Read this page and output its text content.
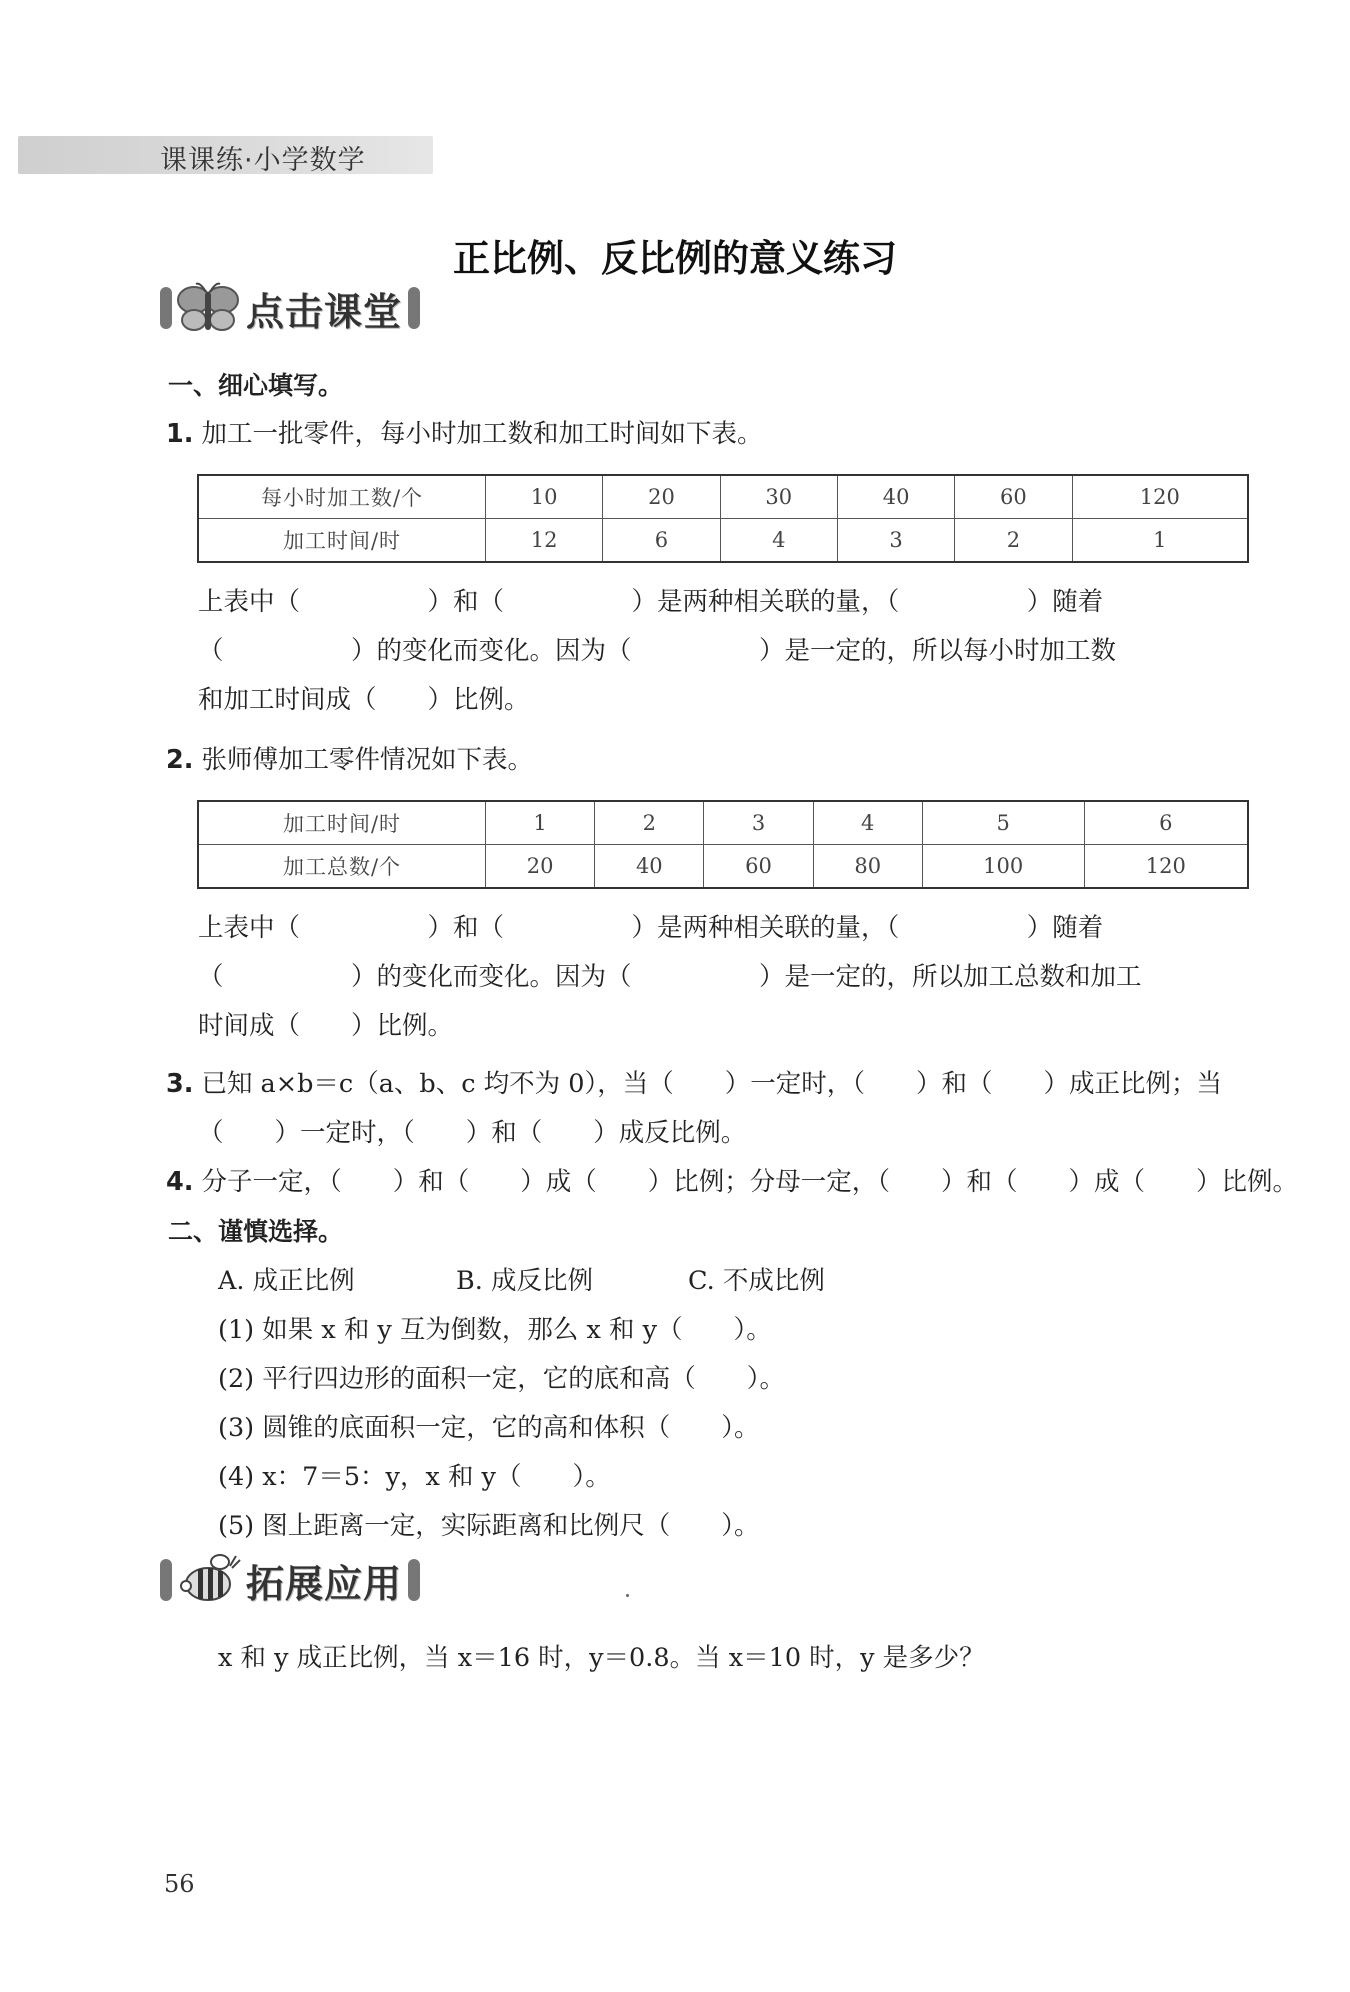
课课练·小学数学
正比例、反比例的意义练习
点击课堂
一、细心填写。
1. 加工一批零件，每小时加工数和加工时间如下表。
每小时加工数/个	10	20	30	40	60	120
加工时间/时	12	6	4	3	2	1
上表中（　　　　　）和（　　　　　）是两种相关联的量，（　　　　　）随着
（　　　　　）的变化而变化。因为（　　　　　）是一定的，所以每小时加工数
和加工时间成（　　）比例。
2. 张师傅加工零件情况如下表。
加工时间/时	1	2	3	4	5	6
加工总数/个	20	40	60	80	100	120
上表中（　　　　　）和（　　　　　）是两种相关联的量，（　　　　　）随着
（　　　　　）的变化而变化。因为（　　　　　）是一定的，所以加工总数和加工
时间成（　　）比例。
3. 已知 a×b＝c（a、b、c 均不为 0），当（　　）一定时，（　　）和（　　）成正比例；当
（　　）一定时，（　　）和（　　）成反比例。
4. 分子一定，（　　）和（　　）成（　　）比例；分母一定，（　　）和（　　）成（　　）比例。
二、谨慎选择。
A. 成正比例	B. 成反比例	C. 不成比例
(1) 如果 x 和 y 互为倒数，那么 x 和 y（　　）。
(2) 平行四边形的面积一定，它的底和高（　　）。
(3) 圆锥的底面积一定，它的高和体积（　　）。
(4) x：7＝5：y，x 和 y（　　）。
(5) 图上距离一定，实际距离和比例尺（　　）。
拓展应用
x 和 y 成正比例，当 x＝16 时，y＝0.8。当 x＝10 时，y 是多少？
56
